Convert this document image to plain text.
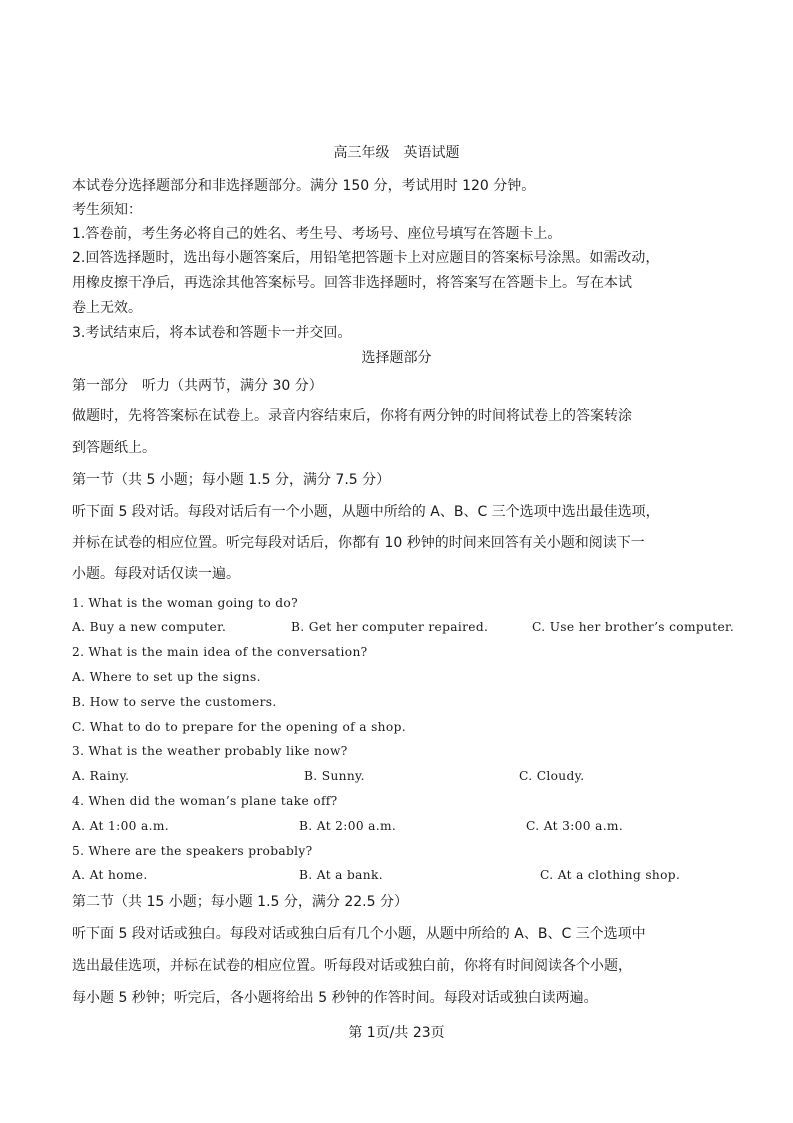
高三年级　英语试题
本试卷分选择题部分和非选择题部分。满分 150 分，考试用时 120 分钟。
考生须知：
1.答卷前，考生务必将自己的姓名、考生号、考场号、座位号填写在答题卡上。
2.回答选择题时，选出每小题答案后，用铅笔把答题卡上对应题目的答案标号涂黑。如需改动，
用橡皮擦干净后，再选涂其他答案标号。回答非选择题时，将答案写在答题卡上。写在本试
卷上无效。
3.考试结束后，将本试卷和答题卡一并交回。
选择题部分
第一部分　听力（共两节，满分 30 分）
做题时，先将答案标在试卷上。录音内容结束后，你将有两分钟的时间将试卷上的答案转涂
到答题纸上。
第一节（共 5 小题；每小题 1.5 分，满分 7.5 分）
听下面 5 段对话。每段对话后有一个小题，从题中所给的 A、B、C 三个选项中选出最佳选项，
并标在试卷的相应位置。听完每段对话后，你都有 10 秒钟的时间来回答有关小题和阅读下一
小题。每段对话仅读一遍。
1. What is the woman going to do?
A. Buy a new computer.	B. Get her computer repaired.	C. Use her brother’s computer.
2. What is the main idea of the conversation?
A. Where to set up the signs.
B. How to serve the customers.
C. What to do to prepare for the opening of a shop.
3. What is the weather probably like now?
A. Rainy.	B. Sunny.	C. Cloudy.
4. When did the woman’s plane take off?
A. At 1:00 a.m.	B. At 2:00 a.m.	C. At 3:00 a.m.
5. Where are the speakers probably?
A. At home.	B. At a bank.	C. At a clothing shop.
第二节（共 15 小题；每小题 1.5 分，满分 22.5 分）
听下面 5 段对话或独白。每段对话或独白后有几个小题，从题中所给的 A、B、C 三个选项中
选出最佳选项，并标在试卷的相应位置。听每段对话或独白前，你将有时间阅读各个小题，
每小题 5 秒钟；听完后，各小题将给出 5 秒钟的作答时间。每段对话或独白读两遍。
第 1页/共 23页
